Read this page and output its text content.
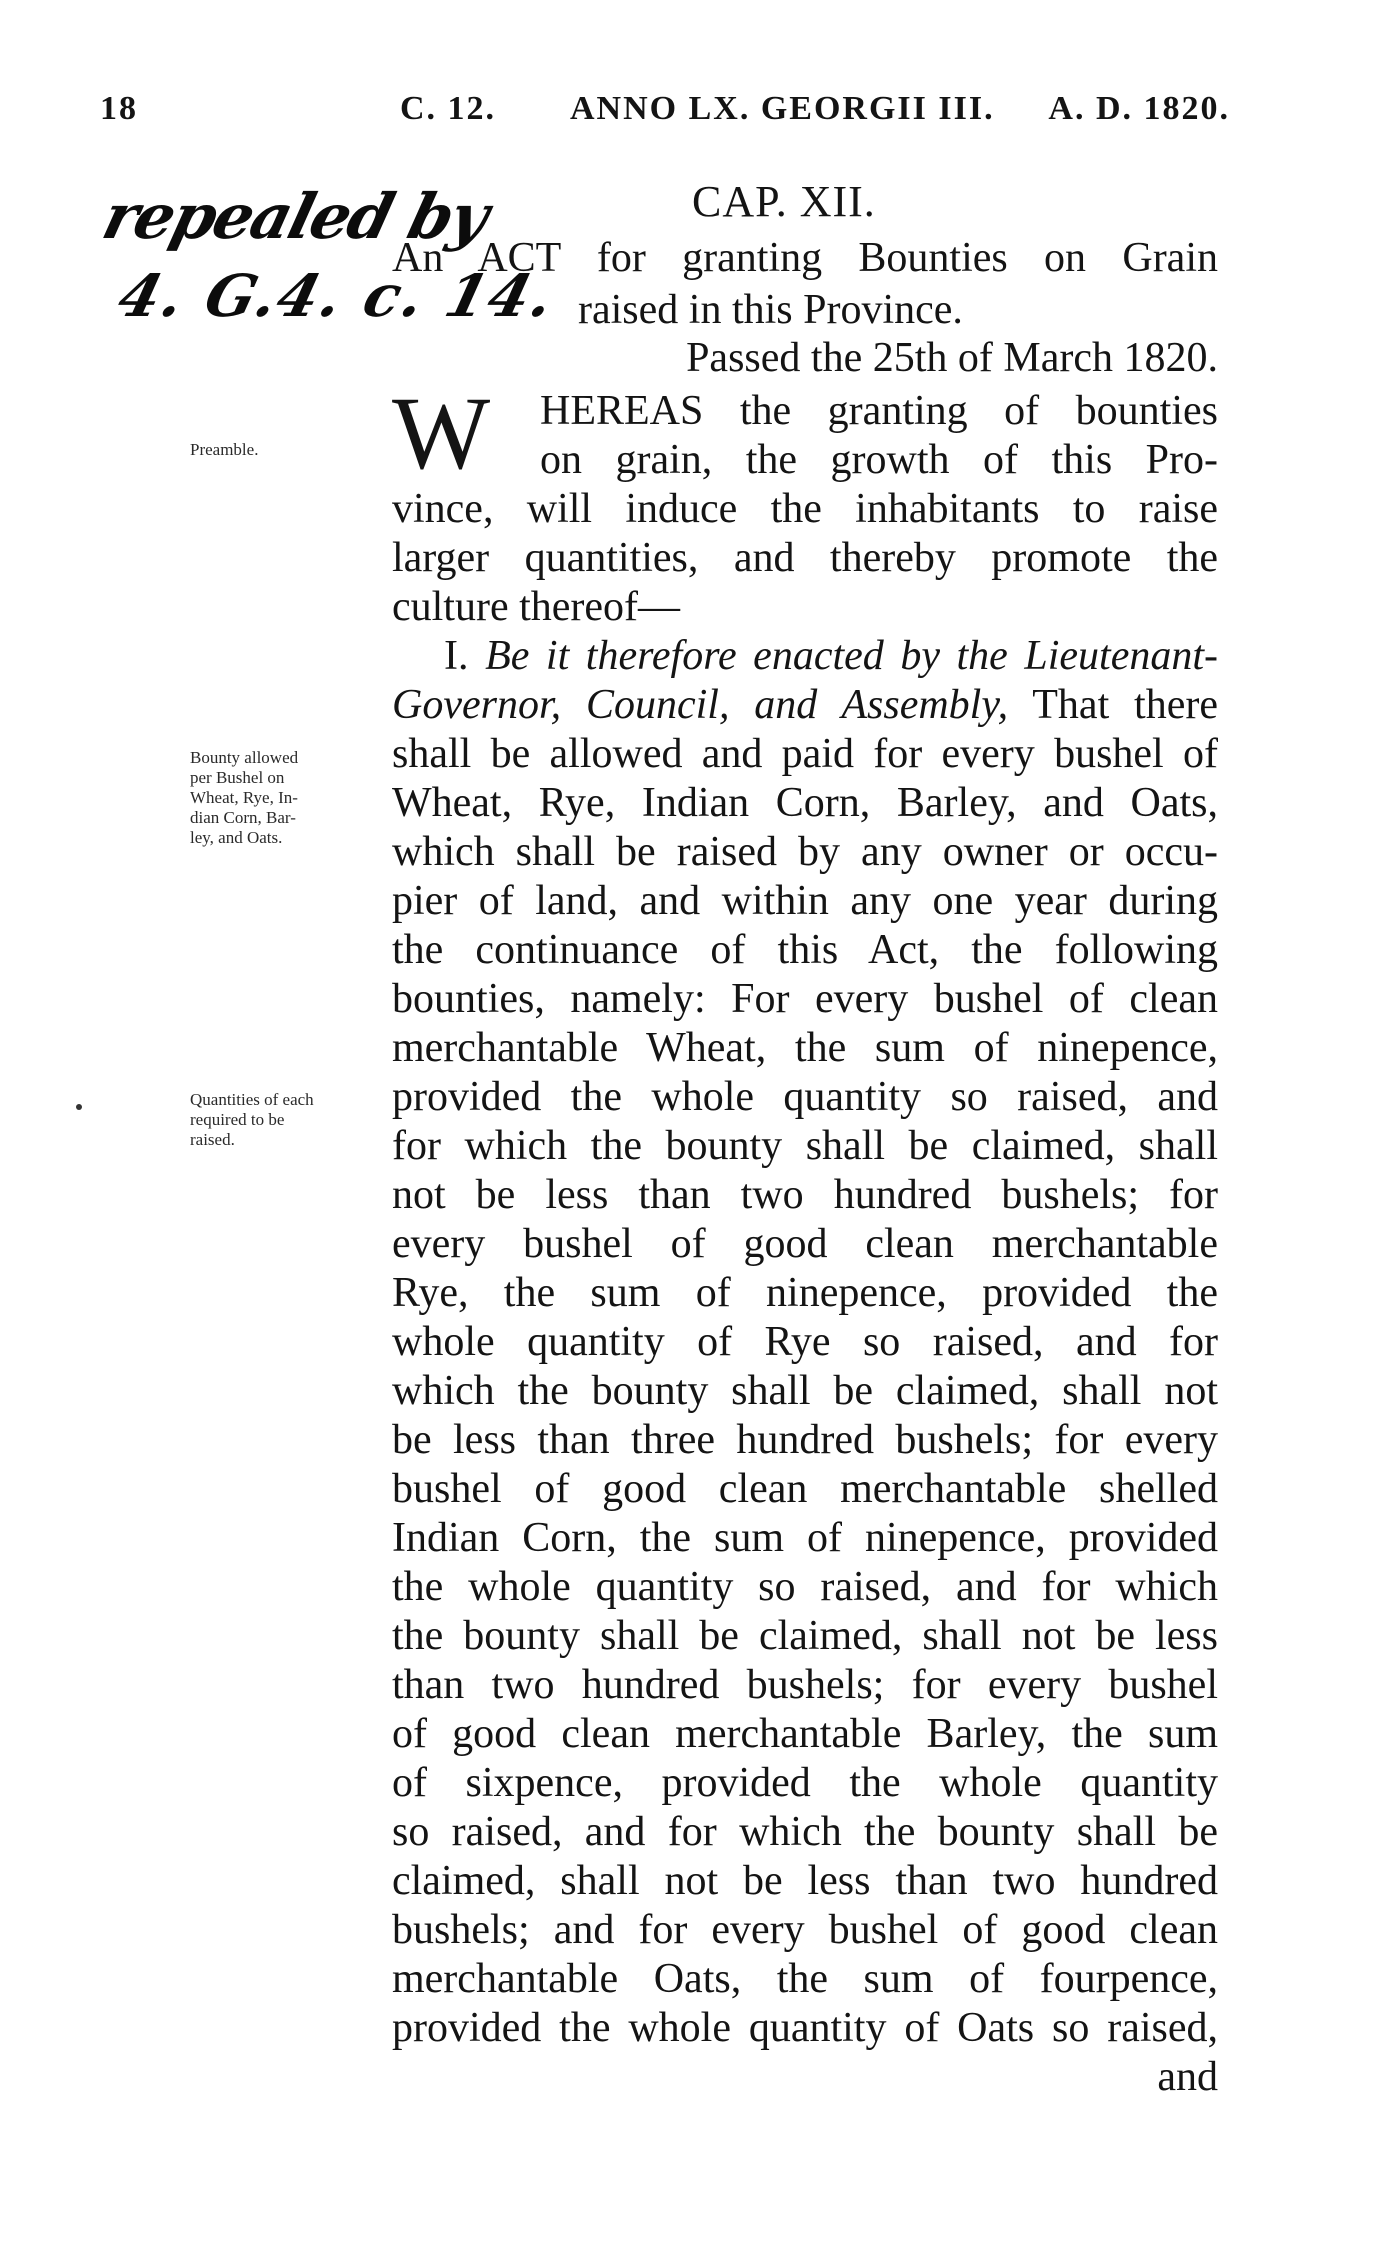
18	C. 12. ANNO LX. GEORGII III. A. D. 1820.
repealed by
4. G.4. c. 14.
Preamble.
Bounty allowed
per Bushel on
Wheat, Rye, In-
dian Corn, Bar-
ley, and Oats.
Quantities of each
required to be
raised.
CAP. XII.
An ACT for granting Bounties on Grain
raised in this Province.
Passed the 25th of March 1820.
W	HEREAS the granting of bounties
on grain, the growth of this Pro-
vince, will induce the inhabitants to raise
larger quantities, and thereby promote the
culture thereof—
I. Be it therefore enacted by the Lieutenant-
Governor, Council, and Assembly, That there
shall be allowed and paid for every bushel of
Wheat, Rye, Indian Corn, Barley, and Oats,
which shall be raised by any owner or occu-
pier of land, and within any one year during
the continuance of this Act, the following
bounties, namely: For every bushel of clean
merchantable Wheat, the sum of ninepence,
provided the whole quantity so raised, and
for which the bounty shall be claimed, shall
not be less than two hundred bushels; for
every bushel of good clean merchantable
Rye, the sum of ninepence, provided the
whole quantity of Rye so raised, and for
which the bounty shall be claimed, shall not
be less than three hundred bushels; for every
bushel of good clean merchantable shelled
Indian Corn, the sum of ninepence, provided
the whole quantity so raised, and for which
the bounty shall be claimed, shall not be less
than two hundred bushels; for every bushel
of good clean merchantable Barley, the sum
of sixpence, provided the whole quantity
so raised, and for which the bounty shall be
claimed, shall not be less than two hundred
bushels; and for every bushel of good clean
merchantable Oats, the sum of fourpence,
provided the whole quantity of Oats so raised,
and
